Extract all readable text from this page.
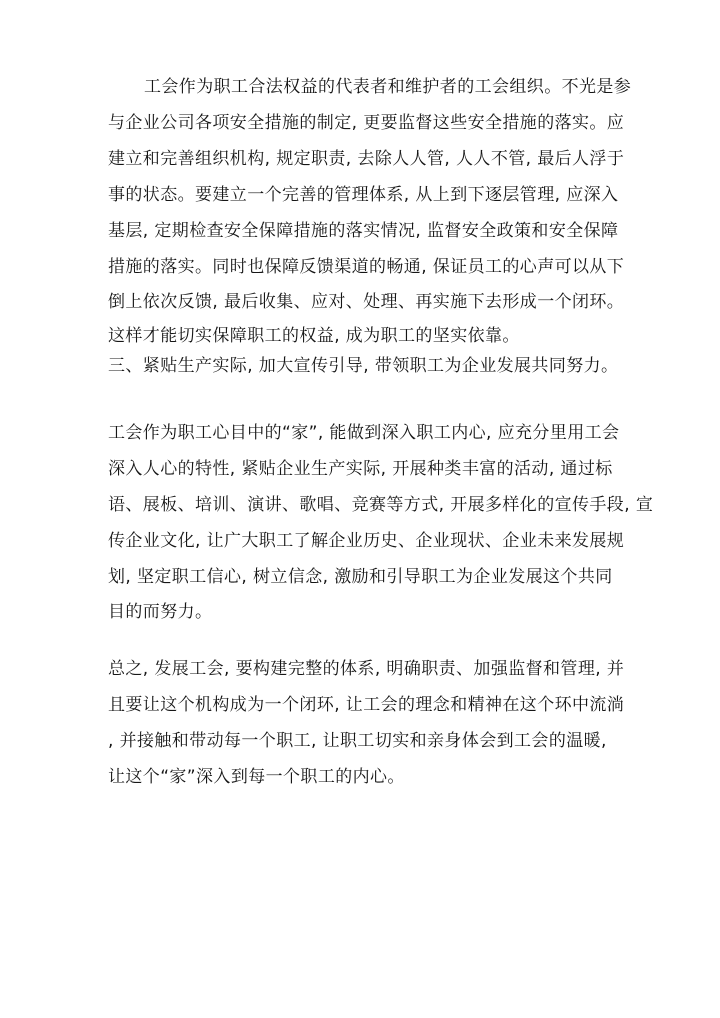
工会作为职工合法权益的代表者和维护者的工会组织。不光是参
与企业公司各项安全措施的制定, 更要监督这些安全措施的落实。应
建立和完善组织机构, 规定职责, 去除人人管, 人人不管, 最后人浮于
事的状态。要建立一个完善的管理体系, 从上到下逐层管理, 应深入
基层, 定期检查安全保障措施的落实情况, 监督安全政策和安全保障
措施的落实。同时也保障反馈渠道的畅通, 保证员工的心声可以从下
倒上依次反馈, 最后收集、应对、处理、再实施下去形成一个闭环。
这样才能切实保障职工的权益, 成为职工的坚实依靠。
三、紧贴生产实际, 加大宣传引导, 带领职工为企业发展共同努力。
工会作为职工心目中的“家”, 能做到深入职工内心, 应充分里用工会
深入人心的特性, 紧贴企业生产实际, 开展种类丰富的活动, 通过标
语、展板、培训、演讲、歌唱、竞赛等方式, 开展多样化的宣传手段, 宣
传企业文化, 让广大职工了解企业历史、企业现状、企业未来发展规
划, 坚定职工信心, 树立信念, 激励和引导职工为企业发展这个共同
目的而努力。
总之, 发展工会, 要构建完整的体系, 明确职责、加强监督和管理, 并
且要让这个机构成为一个闭环, 让工会的理念和精神在这个环中流淌
, 并接触和带动每一个职工, 让职工切实和亲身体会到工会的温暖,
让这个“家”深入到每一个职工的内心。
